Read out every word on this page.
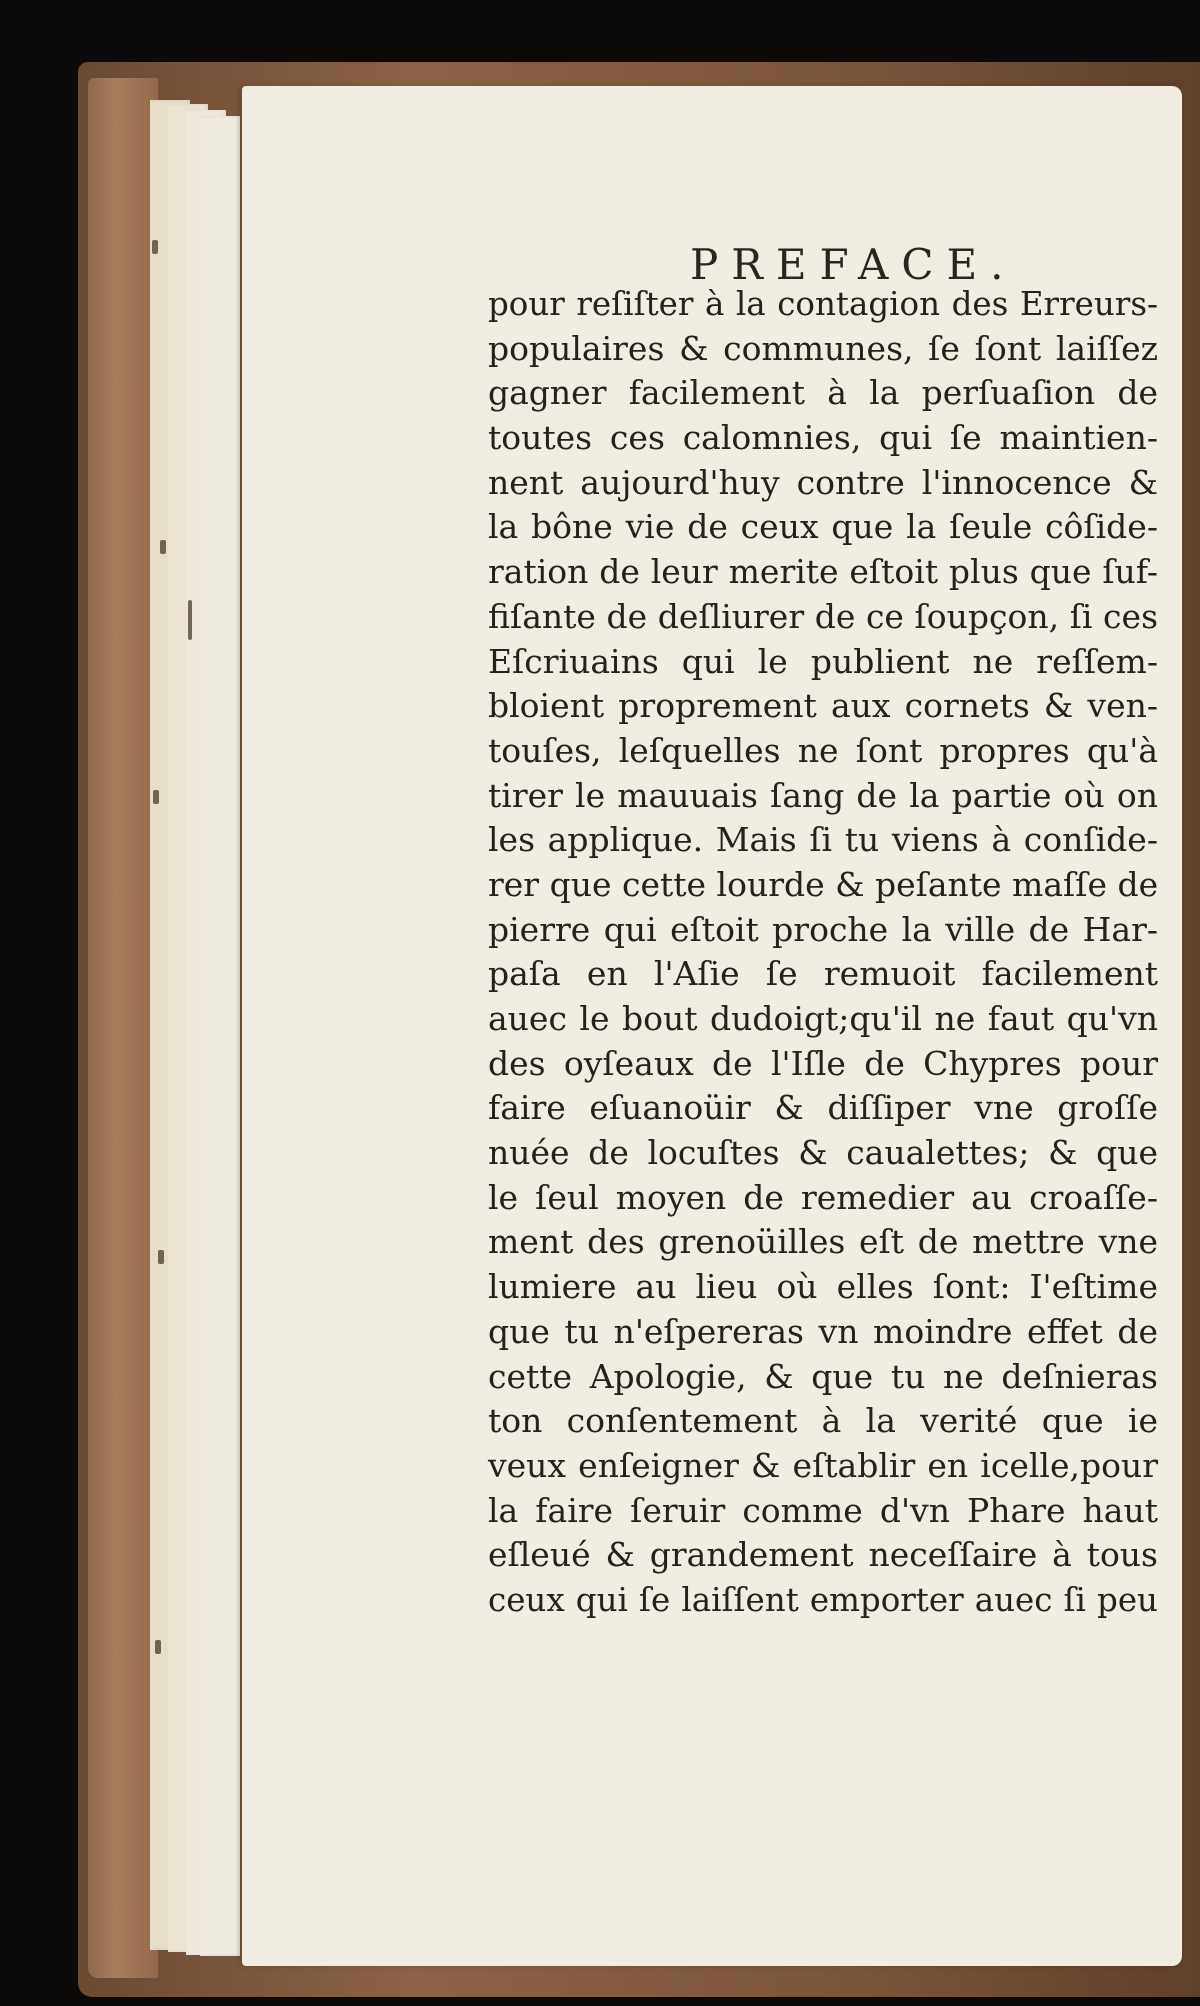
PREFACE.
pour reſiſter à la contagion des Erreurs-
populaires & communes, ſe ſont laiſſez
gagner facilement à la perſuaſion de
toutes ces calomnies, qui ſe maintien-
nent aujourd'huy contre l'innocence &
la bône vie de ceux que la ſeule côſide-
ration de leur merite eſtoit plus que ſuf-
fiſante de deſliurer de ce ſoupçon, ſi ces
Eſcriuains qui le publient ne reſſem-
bloient proprement aux cornets & ven-
touſes, leſquelles ne ſont propres qu'à
tirer le mauuais ſang de la partie où on
les applique. Mais ſi tu viens à conſide-
rer que cette lourde & peſante maſſe de
pierre qui eſtoit proche la ville de Har-
paſa en l'Aſie ſe remuoit facilement
auec le bout dudoigt;qu'il ne faut qu'vn
des oyſeaux de l'Iſle de Chypres pour
faire eſuanoüir & diſſiper vne groſſe
nuée de locuſtes & caualettes; & que
le ſeul moyen de remedier au croaſſe-
ment des grenoüilles eſt de mettre vne
lumiere au lieu où elles ſont: I'eſtime
que tu n'eſpereras vn moindre effet de
cette Apologie, & que tu ne deſnieras
ton conſentement à la verité que ie
veux enſeigner & eſtablir en icelle,pour
la faire ſeruir comme d'vn Phare haut
eſleué & grandement neceſſaire à tous
ceux qui ſe laiſſent emporter auec ſi peu
